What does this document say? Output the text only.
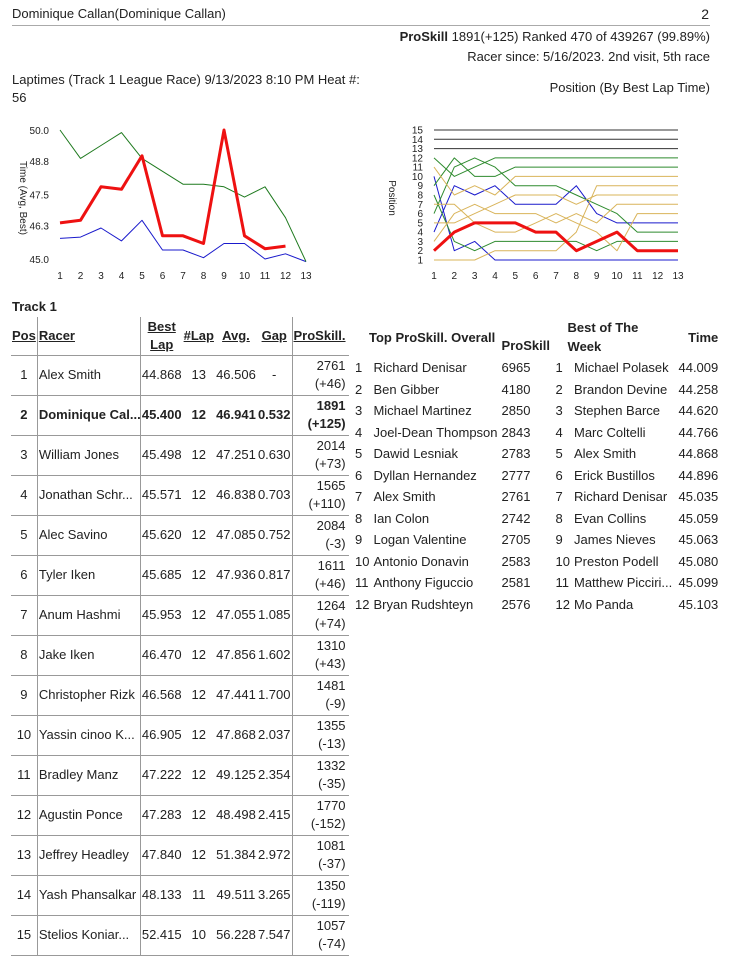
Dominique Callan(Dominique Callan)	2
ProSkill 1891(+125) Ranked 470 of 439267 (99.89%)
Racer since: 5/16/2023. 2nd visit, 5th race
Laptimes (Track 1 League Race) 9/13/2023 8:10 PM Heat #: 56
Position (By Best Lap Time)
Time (Avg, Best)
50.0
48.8
47.5
46.3
45.0
1 2 3 4 5 6 7 8 9 10 11 12 13
Position
15
14
13
12
11
10
9
8
7
6
5
4
3
2
1
1 2 3 4 5 6 7 8 9 10 11 12 13
Track 1
Pos	Racer	Best Lap	#Lap	Avg.	Gap	ProSkill.
1	Alex Smith	44.868	13	46.506	-	2761
(+46)

2	Dominique Cal...	45.400	12	46.941	0.532	1891
(+125)

3	William Jones	45.498	12	47.251	0.630	2014
(+73)

4	Jonathan Schr...	45.571	12	46.838	0.703	1565
(+110)

5	Alec Savino	45.620	12	47.085	0.752	2084
(-3)

6	Tyler Iken	45.685	12	47.936	0.817	1611
(+46)

7	Anum Hashmi	45.953	12	47.055	1.085	1264
(+74)

8	Jake Iken	46.470	12	47.856	1.602	1310
(+43)

9	Christopher Rizk	46.568	12	47.441	1.700	1481
(-9)

10	Yassin cinoo K...	46.905	12	47.868	2.037	1355
(-13)

11	Bradley Manz	47.222	12	49.125	2.354	1332
(-35)

12	Agustin Ponce	47.283	12	48.498	2.415	1770
(-152)

13	Jeffrey Headley	47.840	12	51.384	2.972	1081
(-37)

14	Yash Phansalkar	48.133	11	49.511	3.265	1350
(-119)

15	Stelios Koniar...	52.415	10	56.228	7.547	1057
(-74)
Top ProSkill. Overall		ProSkill	Best of The Week		Time
1	Richard Denisar	6965	1	Michael Polasek	44.009
2	Ben Gibber	4180	2	Brandon Devine	44.258
3	Michael Martinez	2850	3	Stephen Barce	44.620
4	Joel-Dean Thompson	2843	4	Marc Coltelli	44.766
5	Dawid Lesniak	2783	5	Alex Smith	44.868
6	Dyllan Hernandez	2777	6	Erick Bustillos	44.896
7	Alex Smith	2761	7	Richard Denisar	45.035
8	Ian Colon	2742	8	Evan Collins	45.059
9	Logan Valentine	2705	9	James Nieves	45.063
10	Antonio Donavin	2583	10	Preston Podell	45.080
11	Anthony Figuccio	2581	11	Matthew Picciri...	45.099
12	Bryan Rudshteyn	2576	12	Mo Panda	45.103
